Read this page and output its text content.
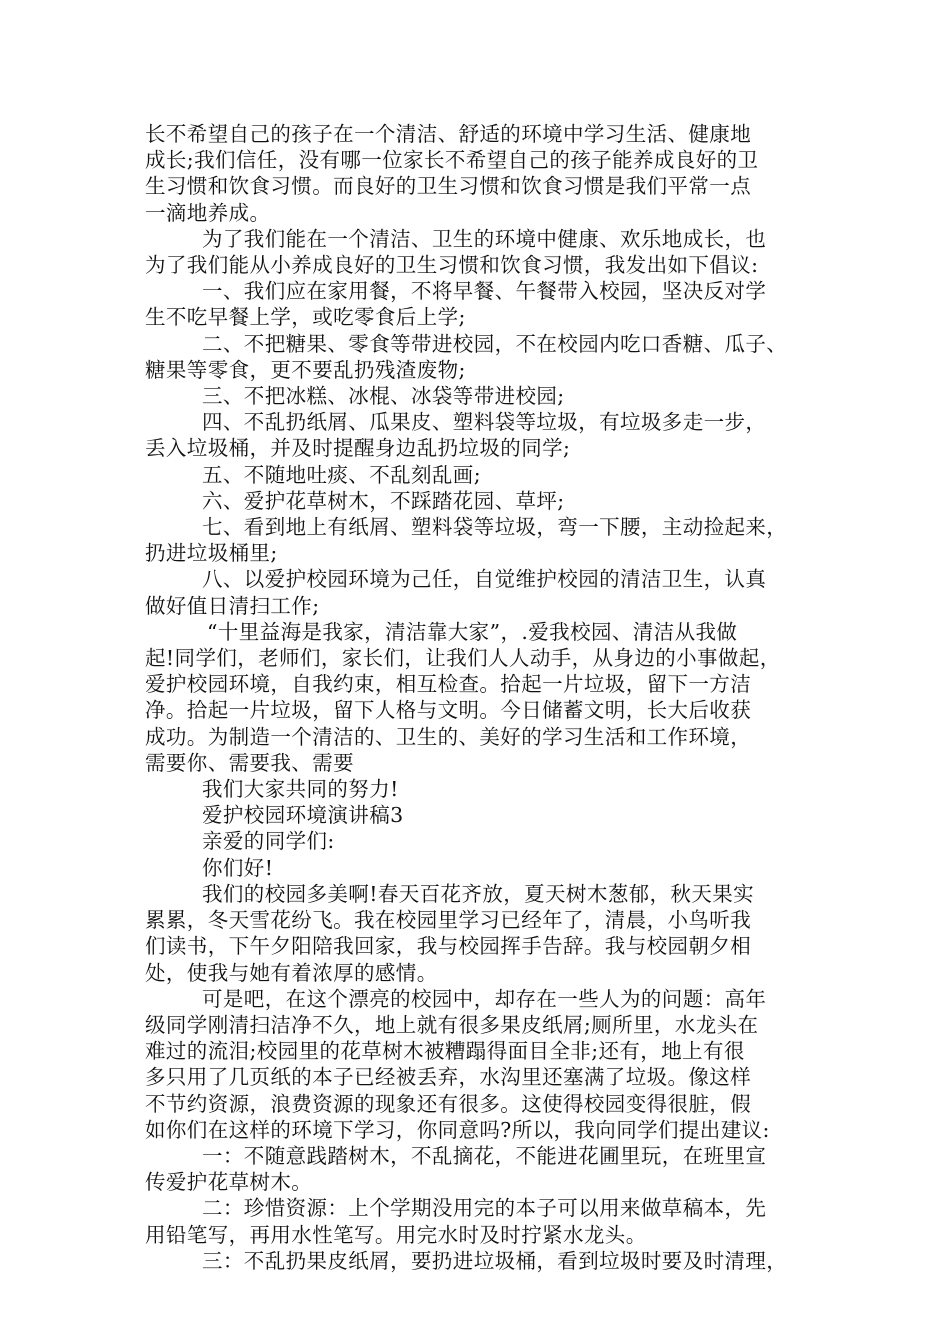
长不希望自己的孩子在一个清洁、舒适的环境中学习生活、健康地

成长;我们信任，没有哪一位家长不希望自己的孩子能养成良好的卫

生习惯和饮食习惯。而良好的卫生习惯和饮食习惯是我们平常一点

一滴地养成。

为了我们能在一个清洁、卫生的环境中健康、欢乐地成长，也

为了我们能从小养成良好的卫生习惯和饮食习惯，我发出如下倡议:

一、我们应在家用餐，不将早餐、午餐带入校园，坚决反对学

生不吃早餐上学，或吃零食后上学;

二、不把糖果、零食等带进校园，不在校园内吃口香糖、瓜子、

糖果等零食，更不要乱扔残渣废物;

三、不把冰糕、冰棍、冰袋等带进校园;

四、不乱扔纸屑、瓜果皮、塑料袋等垃圾，有垃圾多走一步，

丢入垃圾桶，并及时提醒身边乱扔垃圾的同学;

五、不随地吐痰、不乱刻乱画;

六、爱护花草树木，不踩踏花园、草坪;

七、看到地上有纸屑、塑料袋等垃圾，弯一下腰，主动捡起来，

扔进垃圾桶里;

八、以爱护校园环境为己任，自觉维护校园的清洁卫生，认真

做好值日清扫工作;

“十里益海是我家，清洁靠大家”，.爱我校园、清洁从我做

起!同学们，老师们，家长们，让我们人人动手，从身边的小事做起，

爱护校园环境，自我约束，相互检查。拾起一片垃圾，留下一方洁

净。拾起一片垃圾，留下人格与文明。今日储蓄文明，长大后收获

成功。为制造一个清洁的、卫生的、美好的学习生活和工作环境，

需要你、需要我、需要

我们大家共同的努力!

爱护校园环境演讲稿3

亲爱的同学们:

你们好!

我们的校园多美啊!春天百花齐放，夏天树木葱郁，秋天果实

累累，冬天雪花纷飞。我在校园里学习已经年了，清晨，小鸟听我

们读书，下午夕阳陪我回家，我与校园挥手告辞。我与校园朝夕相

处，使我与她有着浓厚的感情。

可是吧，在这个漂亮的校园中，却存在一些人为的问题：高年

级同学刚清扫洁净不久，地上就有很多果皮纸屑;厕所里，水龙头在

难过的流泪;校园里的花草树木被糟蹋得面目全非;还有，地上有很

多只用了几页纸的本子已经被丢弃，水沟里还塞满了垃圾。像这样

不节约资源，浪费资源的现象还有很多。这使得校园变得很脏，假

如你们在这样的环境下学习，你同意吗?所以，我向同学们提出建议:

一：不随意践踏树木，不乱摘花，不能进花圃里玩，在班里宣

传爱护花草树木。

二：珍惜资源：上个学期没用完的本子可以用来做草稿本，先

用铅笔写，再用水性笔写。用完水时及时拧紧水龙头。

三：不乱扔果皮纸屑，要扔进垃圾桶，看到垃圾时要及时清理，
